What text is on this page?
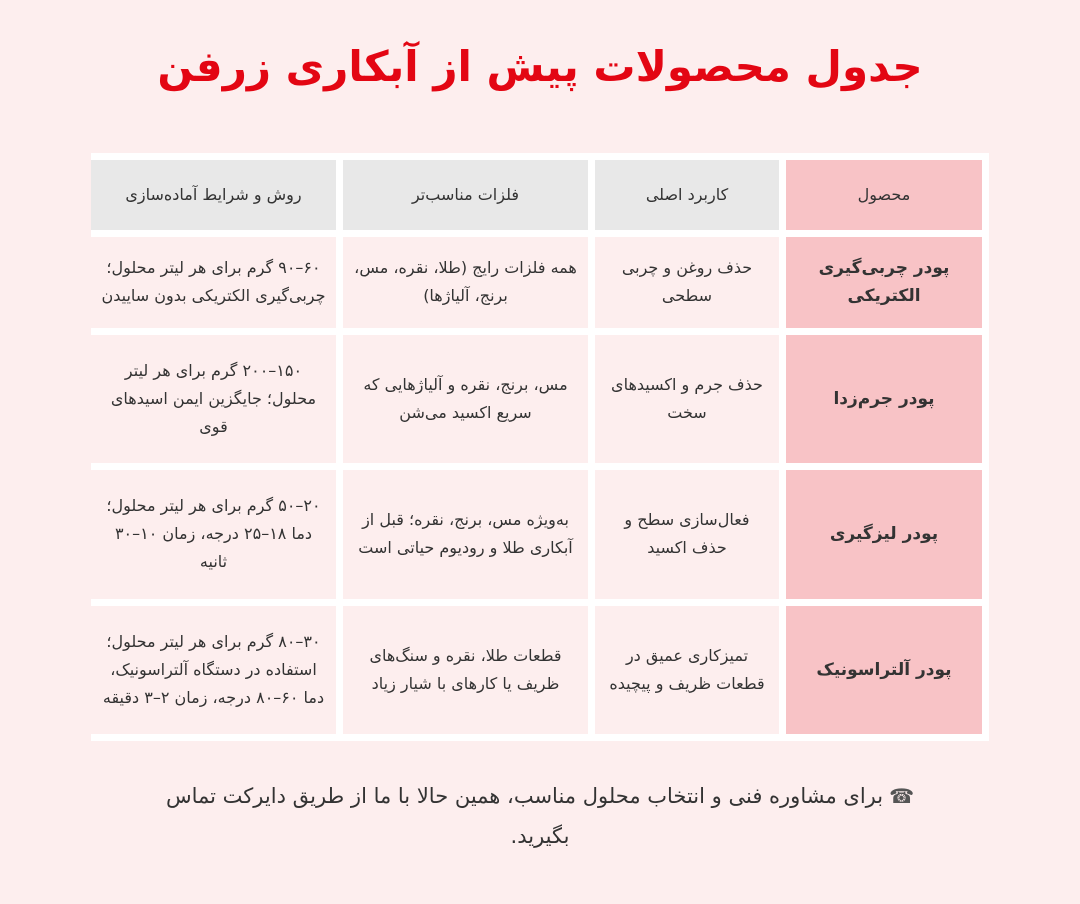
جدول محصولات پیش از آبکاری زرفن
محصول	کاربرد اصلی	فلزات مناسب‌تر	روش و شرایط آماده‌سازی
پودر چربی‌گیری الکتریکی	حذف روغن و چربی سطحی	همه فلزات رایج (طلا، نقره، مس، برنج، آلیاژها)	۶۰–۹۰ گرم برای هر لیتر محلول؛ چربی‌گیری الکتریکی بدون ساییدن
پودر جرم‌زدا	حذف جرم و اکسیدهای سخت	مس، برنج، نقره و آلیاژهایی که سریع اکسید می‌شن	۱۵۰–۲۰۰ گرم برای هر لیتر محلول؛ جایگزین ایمن اسیدهای قوی
پودر لیزگیری	فعال‌سازی سطح و حذف اکسید	به‌ویژه مس، برنج، نقره؛ قبل از آبکاری طلا و رودیوم حیاتی است	۲۰–۵۰ گرم برای هر لیتر محلول؛ دما ۱۸–۲۵ درجه، زمان ۱۰–۳۰ ثانیه
پودر آلتراسونیک	تمیزکاری عمیق در قطعات ظریف و پیچیده	قطعات طلا، نقره و سنگ‌های ظریف یا کارهای با شیار زیاد	۳۰–۸۰ گرم برای هر لیتر محلول؛ استفاده در دستگاه آلتراسونیک، دما ۶۰–۸۰ درجه، زمان ۲–۳ دقیقه

☎برای مشاوره فنی و انتخاب محلول مناسب، همین حالا با ما از طریق دایرکت تماس بگیرید.
